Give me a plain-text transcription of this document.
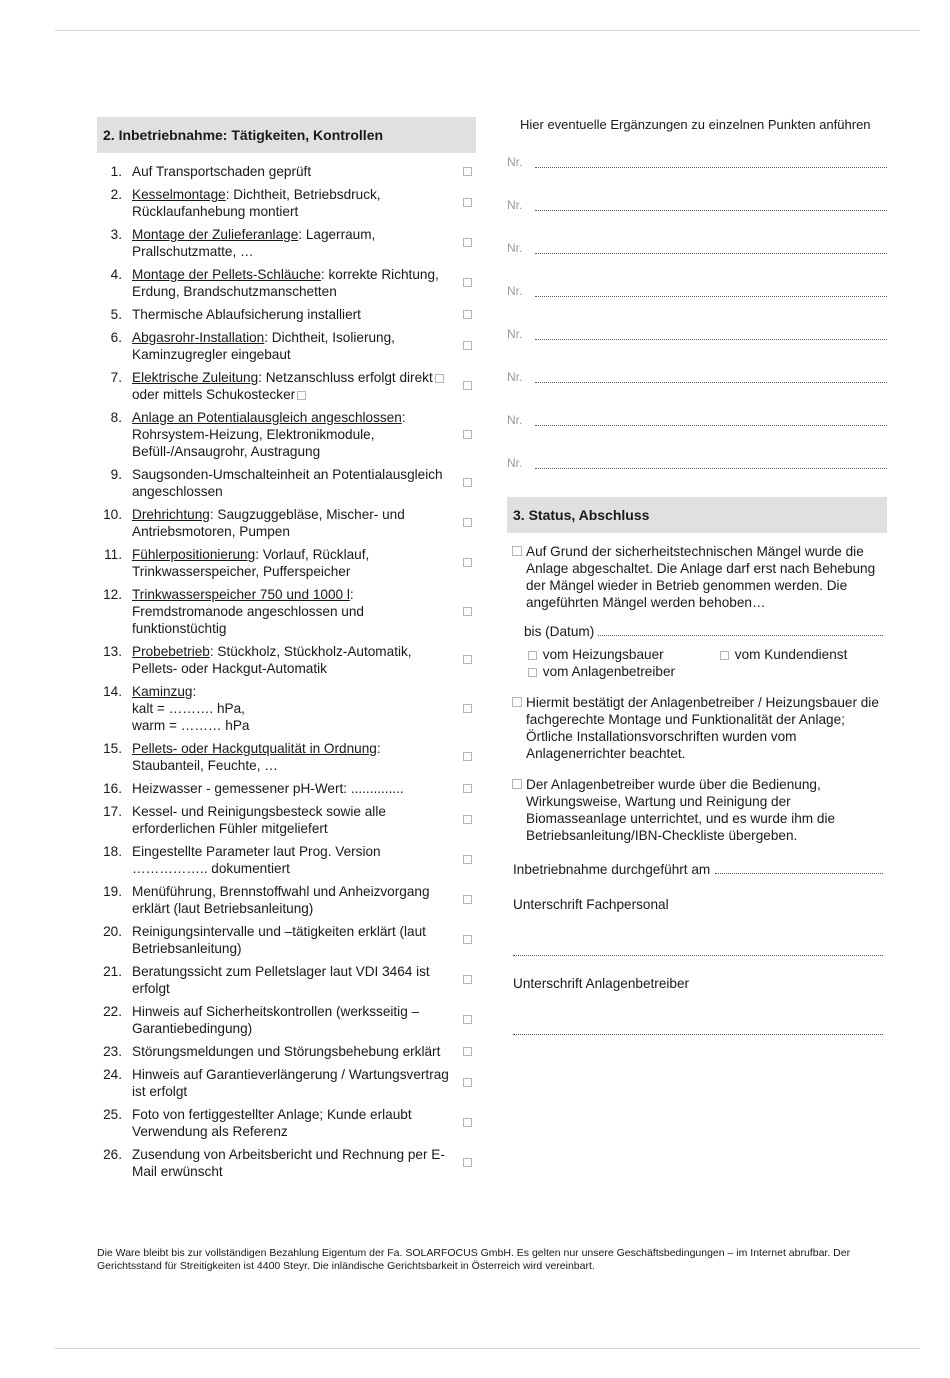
2. Inbetriebnahme: Tätigkeiten, Kontrollen
1. Auf Transportschaden geprüft
2. Kesselmontage: Dichtheit, Betriebsdruck, Rücklaufanhebung montiert
3. Montage der Zulieferanlage: Lagerraum, Prallschutzmatte, …
4. Montage der Pellets-Schläuche: korrekte Richtung, Erdung, Brandschutzmanschetten
5. Thermische Ablaufsicherung installiert
6. Abgasrohr-Installation: Dichtheit, Isolierung, Kaminzugregler eingebaut
7. Elektrische Zuleitung: Netzanschluss erfolgt direktoder mittels Schukostecker
8. Anlage an Potentialausgleich angeschlossen: Rohrsystem-Heizung, Elektronikmodule, Befüll-/Ansaugrohr, Austragung
9. Saugsonden-Umschalteinheit an Potentialausgleich angeschlossen
10. Drehrichtung: Saugzuggebläse, Mischer- und Antriebsmotoren, Pumpen
11. Fühlerpositionierung: Vorlauf, Rücklauf, Trinkwasserspeicher, Pufferspeicher
12. Trinkwasserspeicher 750 und 1000 l: Fremdstromanode angeschlossen und funktionstüchtig
13. Probebetrieb: Stückholz, Stückholz-Automatik, Pellets- oder Hackgut-Automatik
14. Kaminzug:
kalt = ………. hPa,
warm = ……… hPa
15. Pellets- oder Hackgutqualität in Ordnung: Staubanteil, Feuchte, …
16. Heizwasser - gemessener pH-Wert: ..............
17. Kessel- und Reinigungsbesteck sowie alle erforderlichen Fühler mitgeliefert
18. Eingestellte Parameter laut Prog. Version …………….. dokumentiert
19. Menüführung, Brennstoffwahl und Anheizvorgang erklärt (laut Betriebsanleitung)
20. Reinigungsintervalle und –tätigkeiten erklärt (laut Betriebsanleitung)
21. Beratungssicht zum Pelletslager laut VDI 3464 ist erfolgt
22. Hinweis auf Sicherheitskontrollen (werksseitig – Garantiebedingung)
23. Störungsmeldungen und Störungsbehebung erklärt
24. Hinweis auf Garantieverlängerung / Wartungsvertrag ist erfolgt
25. Foto von fertiggestellter Anlage; Kunde erlaubt Verwendung als Referenz
26. Zusendung von Arbeitsbericht und Rechnung per E-Mail erwünscht
Hier eventuelle Ergänzungen zu einzelnen Punkten anführen
Nr.
Nr.
Nr.
Nr.
Nr.
Nr.
Nr.
Nr.
3. Status, Abschluss
Auf Grund der sicherheitstechnischen Mängel wurde die Anlage abgeschaltet. Die Anlage darf erst nach Behebung der Mängel wieder in Betrieb genommen werden. Die angeführten Mängel werden behoben…
bis (Datum)
vom Heizungsbauer	vom Kundendienst
vom Anlagenbetreiber
Hiermit bestätigt der Anlagenbetreiber / Heizungsbauer die fachgerechte Montage und Funktionalität der Anlage; Örtliche Installationsvorschriften wurden vom Anlagenerrichter beachtet.
Der Anlagenbetreiber wurde über die Bedienung, Wirkungsweise, Wartung und Reinigung der Biomasseanlage unterrichtet, und es wurde ihm die Betriebsanleitung/IBN-Checkliste übergeben.
Inbetriebnahme durchgeführt am
Unterschrift Fachpersonal
Unterschrift Anlagenbetreiber
Die Ware bleibt bis zur vollständigen Bezahlung Eigentum der Fa. SOLARFOCUS GmbH. Es gelten nur unsere Geschäftsbedingungen – im Internet abrufbar. Der Gerichtsstand für Streitigkeiten ist 4400 Steyr. Die inländische Gerichtsbarkeit in Österreich wird vereinbart.
